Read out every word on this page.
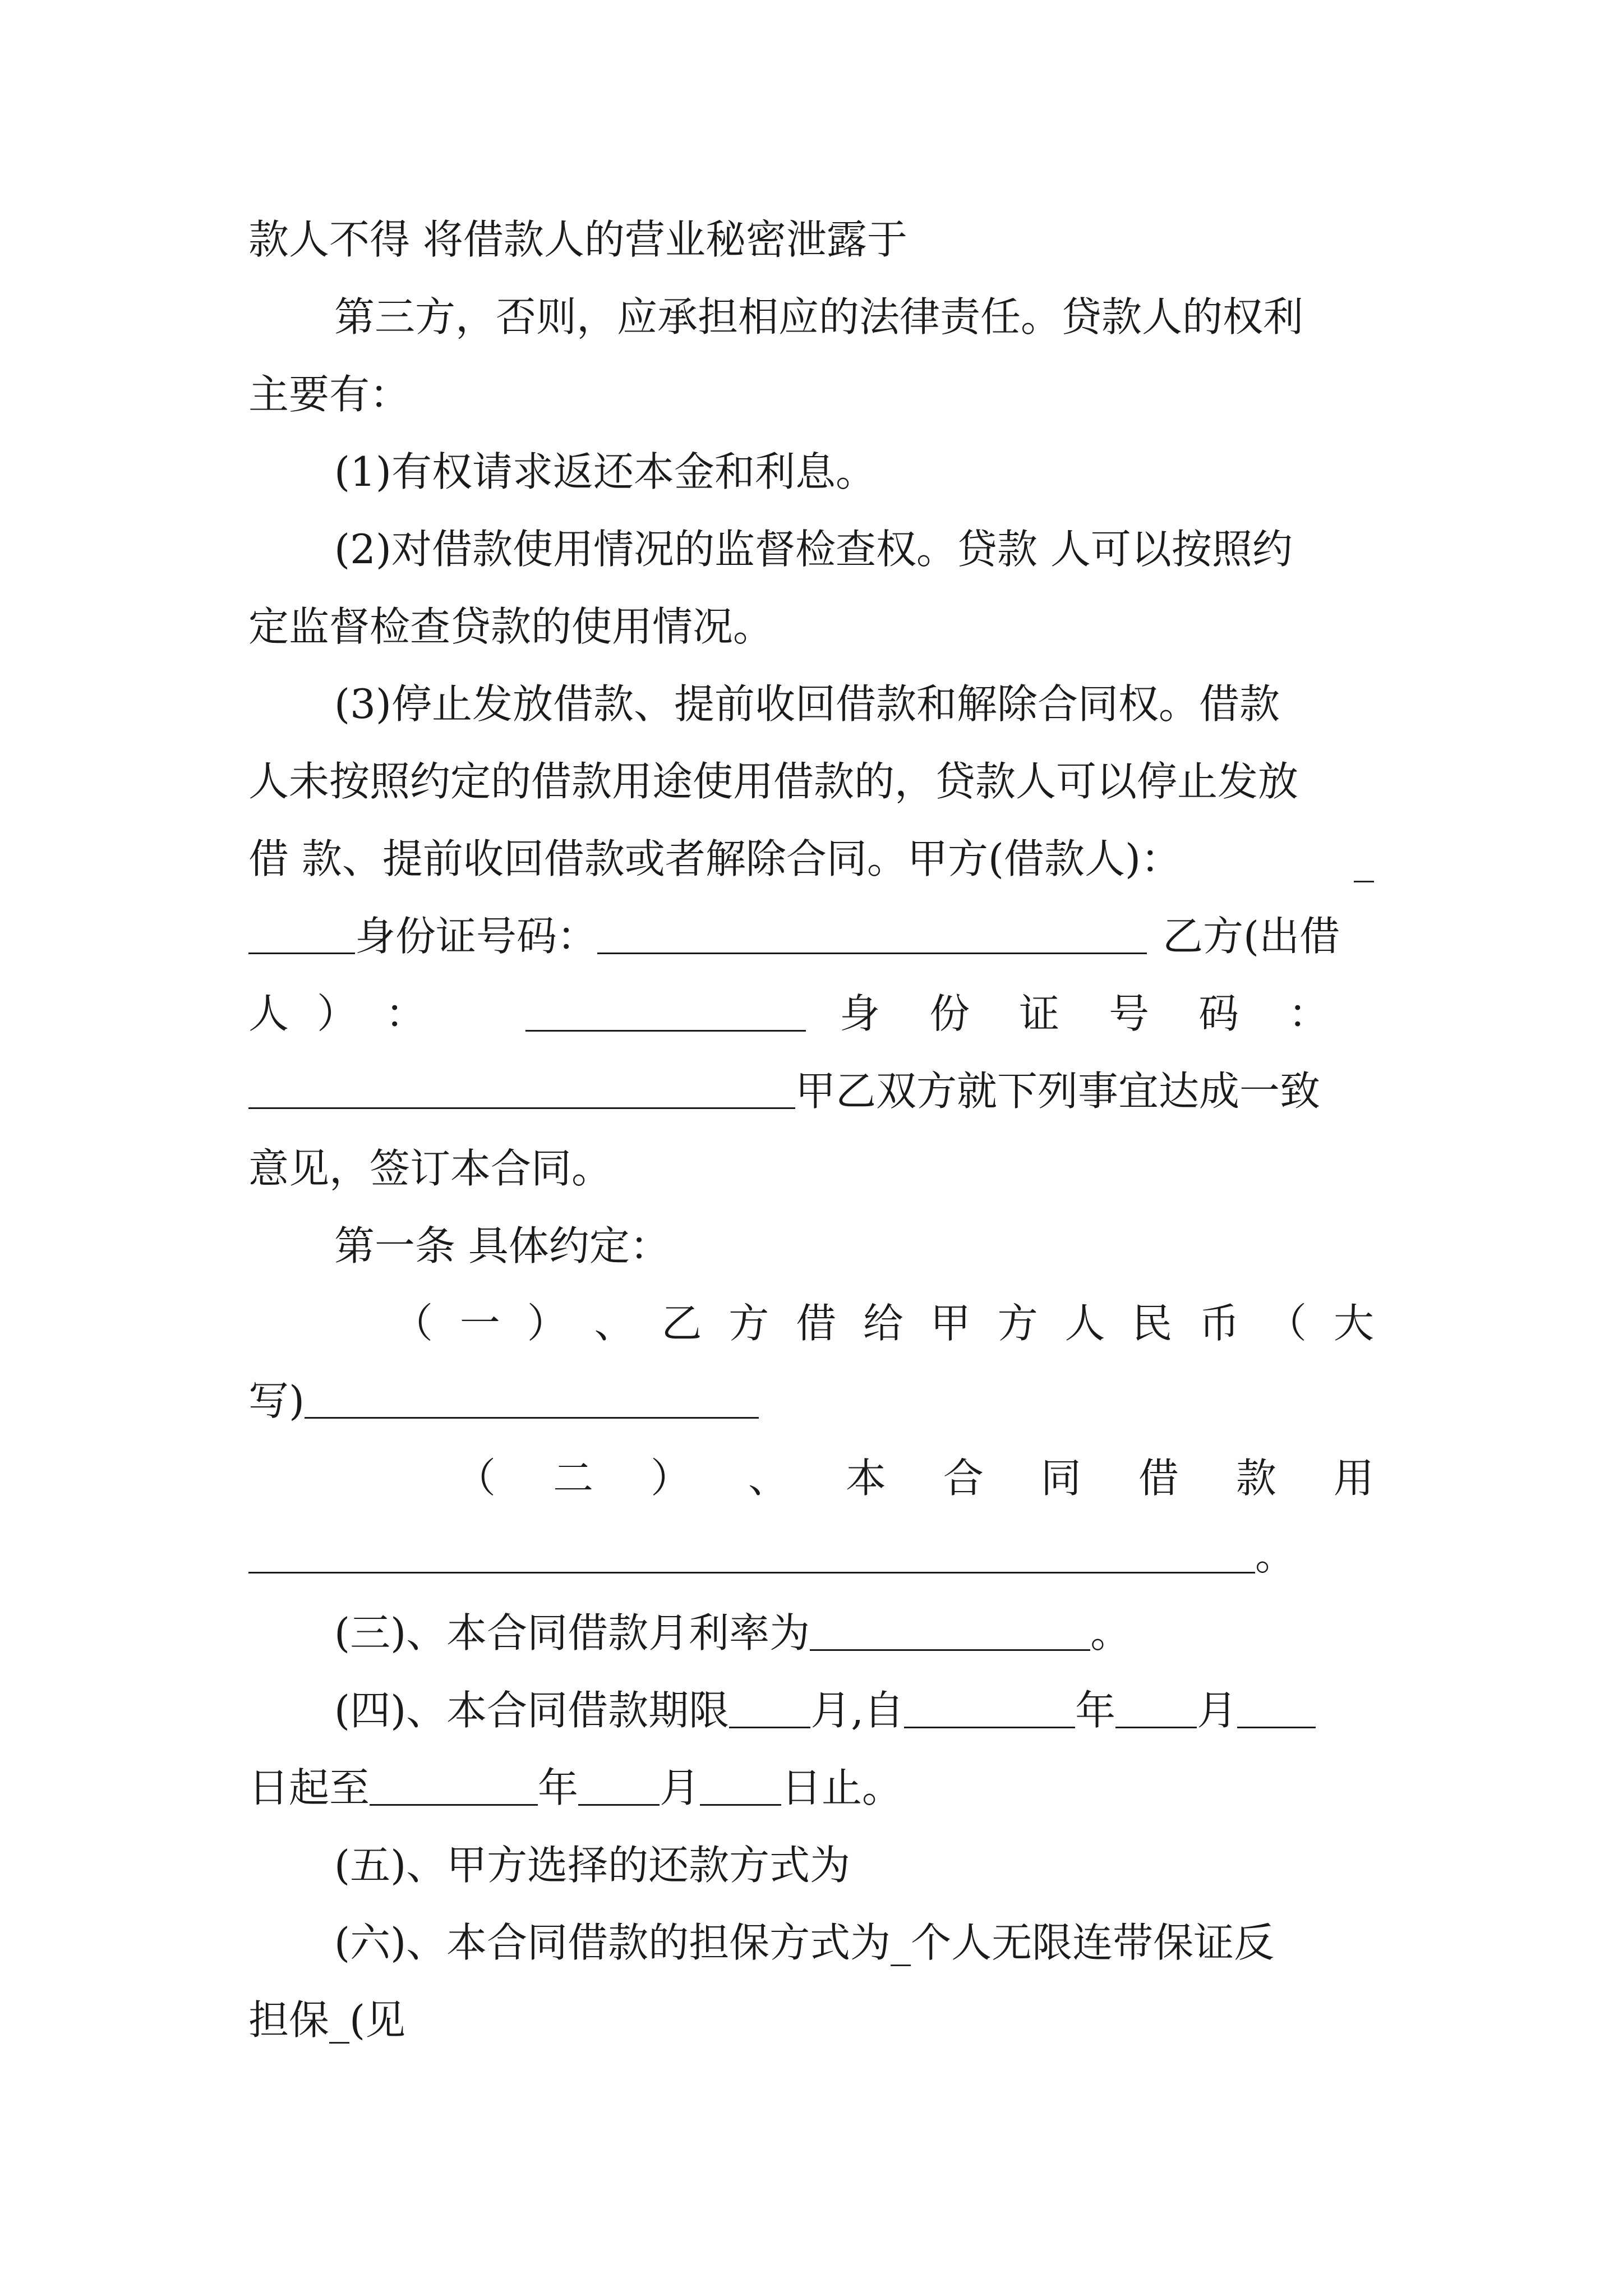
款人不得 将借款人的营业秘密泄露于
第三方，否则，应承担相应的法律责任。贷款人的权利
主要有：
(1)有权请求返还本金和利息。
(2)对借款使用情况的监督检查权。贷款 人可以按照约
定监督检查贷款的使用情况。
(3)停止发放借款、提前收回借款和解除合同权。借款
人未按照约定的借款用途使用借款的，贷款人可以停止发放
借 款、提前收回借款或者解除合同。甲方(借款人)：	_
身份证号码：	乙方(出借
人 ） ：	身 份 证 号 码 ：
甲乙双方就下列事宜达成一致
意见，签订本合同。
第一条 具体约定：
（ 一 ） 、 乙 方 借 给 甲 方 人 民 币 （ 大
写)
（ 二 ） 、 本 合 同 借 款 用
。
(三)、本合同借款月利率为	。
(四)、本合同借款期限 月,自	年 月
日起至	年 月 日止。
(五)、甲方选择的还款方式为
(六)、本合同借款的担保方式为_个人无限连带保证反
担保_(见
